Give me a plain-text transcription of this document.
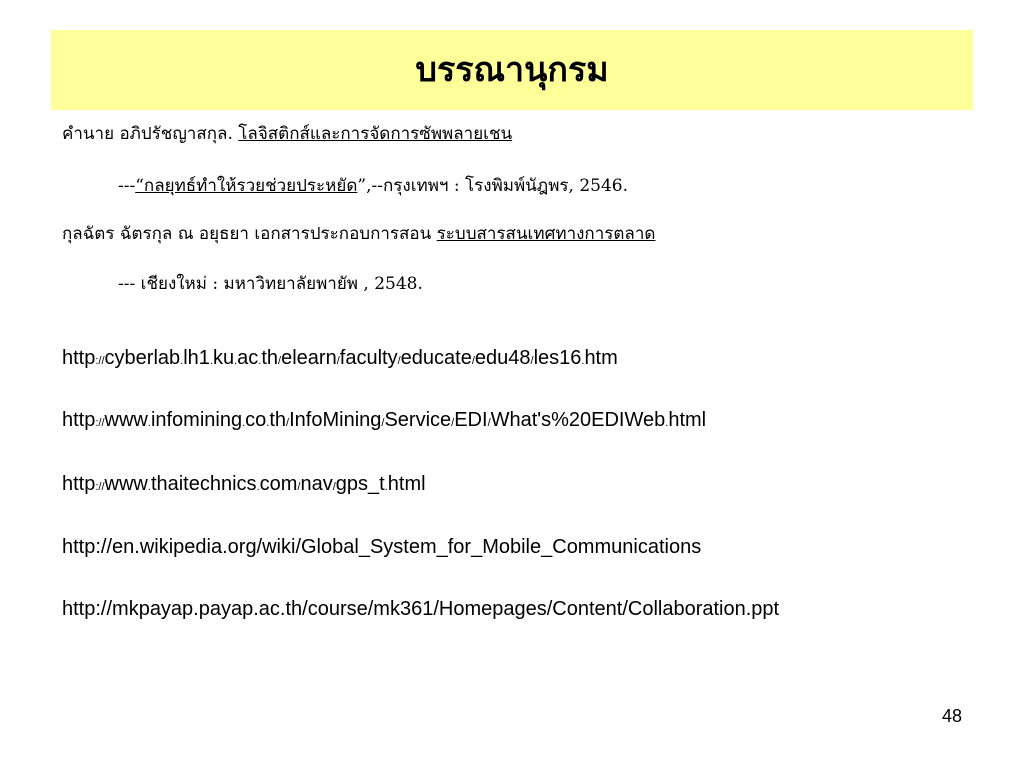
บรรณานุกรม
คำนาย อภิปรัชญาสกุล. โลจิสติกส์และการจัดการซัพพลายเชน
---“กลยุทธ์ทำให้รวยช่วยประหยัด”,--กรุงเทพฯ : โรงพิมพ์นัฎพร, 2546.
กุลฉัตร ฉัตรกุล ณ อยุธยา เอกสารประกอบการสอน ระบบสารสนเทศทางการตลาด
--- เชียงใหม่ : มหาวิทยาลัยพายัพ , 2548.
http://cyberlab.lh1.ku.ac.th/elearn/faculty/educate/edu48/les16.htm
http://www.infomining.co.th/InfoMining/Service/EDI/What's%20EDIWeb.html
http://www.thaitechnics.com/nav/gps_t.html
http://en.wikipedia.org/wiki/Global_System_for_Mobile_Communications
http://mkpayap.payap.ac.th/course/mk361/Homepages/Content/Collaboration.ppt
48
